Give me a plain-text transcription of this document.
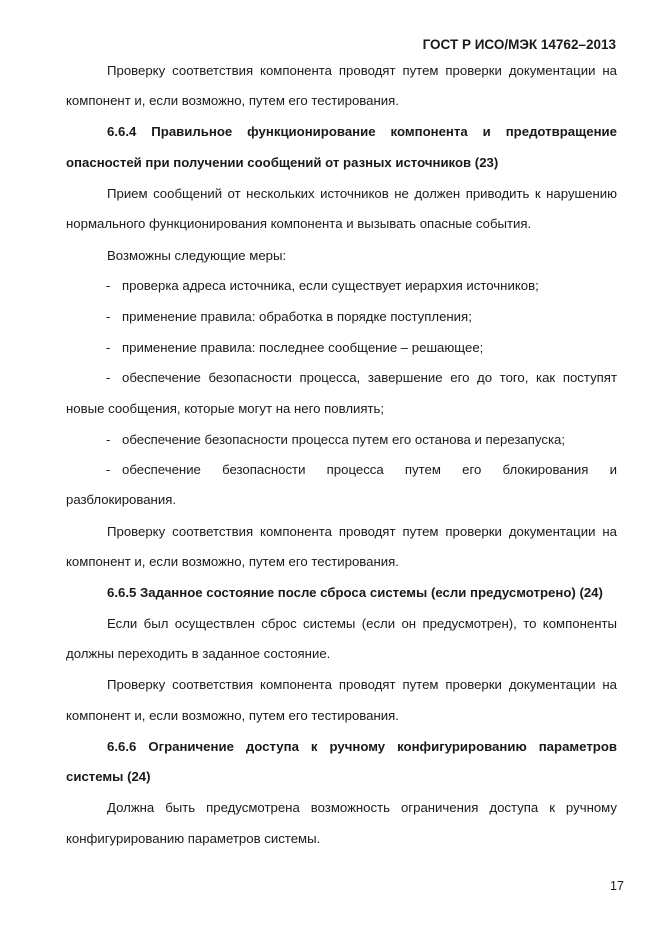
ГОСТ Р ИСО/МЭК 14762–2013
Проверку соответствия компонента проводят путем проверки документации на
компонент и, если возможно, путем его тестирования.
6.6.4 Правильное функционирование компонента и предотвращение
опасностей при получении сообщений от разных источников (23)
Прием сообщений от нескольких источников не должен приводить к нарушению
нормального функционирования компонента и вызывать опасные события.
Возможны следующие меры:
- проверка адреса источника, если существует иерархия источников;
- применение правила: обработка в порядке поступления;
- применение правила: последнее сообщение – решающее;
- обеспечение безопасности процесса, завершение его до того, как поступят
новые сообщения, которые могут на него повлиять;
- обеспечение безопасности процесса путем его останова и перезапуска;
- обеспечение безопасности процесса путем его блокирования и
разблокирования.
Проверку соответствия компонента проводят путем проверки документации на
компонент и, если возможно, путем его тестирования.
6.6.5 Заданное состояние после сброса системы (если предусмотрено) (24)
Если был осуществлен сброс системы (если он предусмотрен), то компоненты
должны переходить в заданное состояние.
Проверку соответствия компонента проводят путем проверки документации на
компонент и, если возможно, путем его тестирования.
6.6.6 Ограничение доступа к ручному конфигурированию параметров
системы (24)
Должна быть предусмотрена возможность ограничения доступа к ручному
конфигурированию параметров системы.
17
